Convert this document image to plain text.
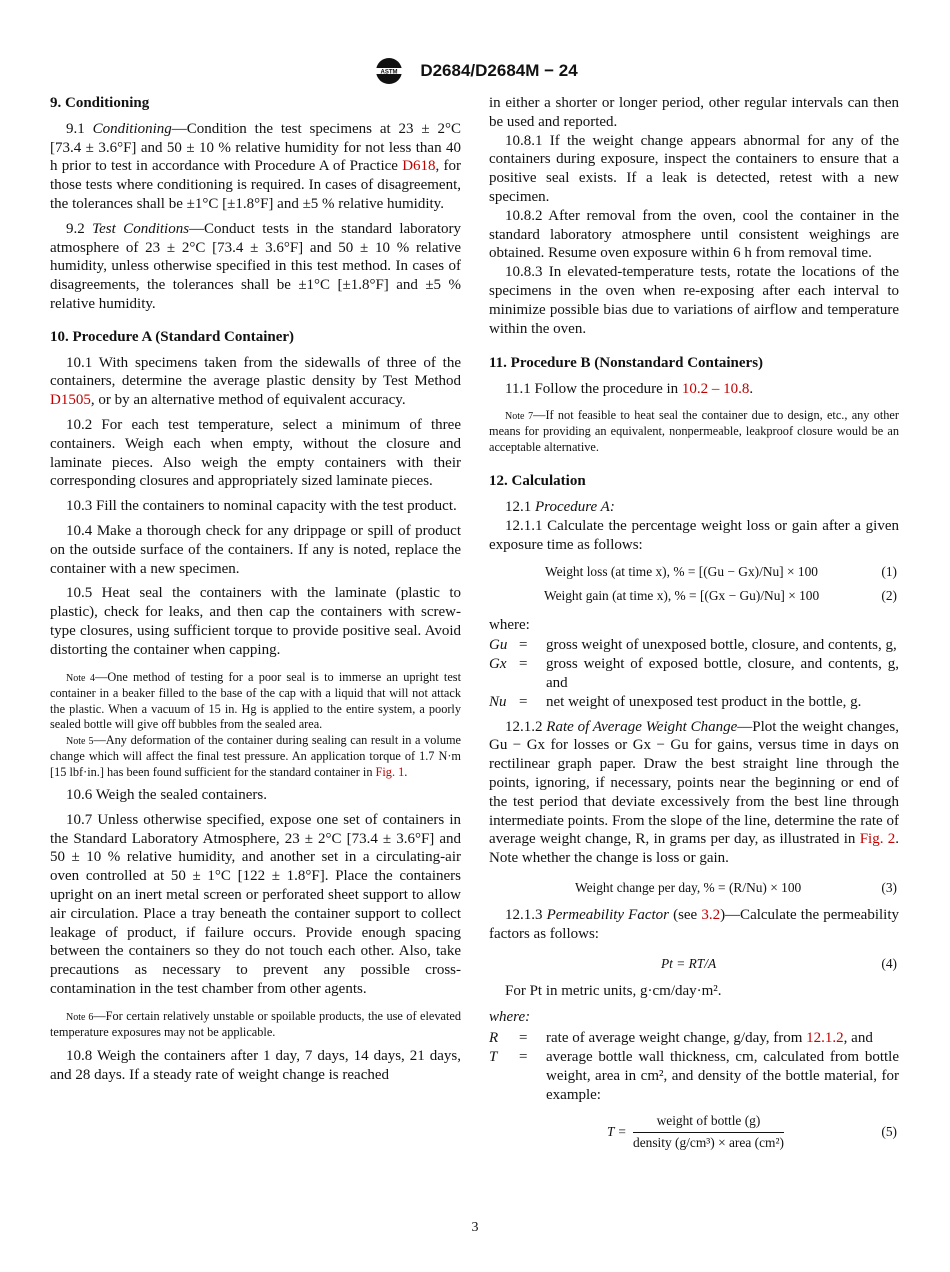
ASTM D2684/D2684M − 24
9. Conditioning

9.1 Conditioning—Condition the test specimens at 23 ± 2°C [73.4 ± 3.6°F] and 50 ± 10 % relative humidity for not less than 40 h prior to test in accordance with Procedure A of Practice D618, for those tests where conditioning is required. In cases of disagreement, the tolerances shall be ±1°C [±1.8°F] and ±5 % relative humidity.

9.2 Test Conditions—Conduct tests in the standard laboratory atmosphere of 23 ± 2°C [73.4 ± 3.6°F] and 50 ± 10 % relative humidity, unless otherwise specified in this test method. In cases of disagreements, the tolerances shall be ±1°C [±1.8°F] and ±5 % relative humidity.

10. Procedure A (Standard Container)

10.1 With specimens taken from the sidewalls of three of the containers, determine the average plastic density by Test Method D1505, or by an alternative method of equivalent accuracy.

10.2 For each test temperature, select a minimum of three containers. Weigh each when empty, without the closure and laminate pieces. Also weigh the empty containers with their corresponding closures and appropriately sized laminate pieces.

10.3 Fill the containers to nominal capacity with the test product.

10.4 Make a thorough check for any drippage or spill of product on the outside surface of the containers. If any is noted, replace the container with a new specimen.

10.5 Heat seal the containers with the laminate (plastic to plastic), check for leaks, and then cap the containers with screw-type closures, using sufficient torque to provide positive seal. Avoid distorting the container when capping.

Note 4—One method of testing for a poor seal is to immerse an upright test container in a beaker filled to the base of the cap with a liquid that will not attack the plastic. When a vacuum of 15 in. Hg is applied to the entire system, a poorly sealed bottle will give off bubbles from the sealed area.

Note 5—Any deformation of the container during sealing can result in a volume change which will affect the final test pressure. An application torque of 1.7 N·m [15 lbf·in.] has been found sufficient for the standard container in Fig. 1.

10.6 Weigh the sealed containers.

10.7 Unless otherwise specified, expose one set of containers in the Standard Laboratory Atmosphere, 23 ± 2°C [73.4 ± 3.6°F] and 50 ± 10 % relative humidity, and another set in a circulating-air oven controlled at 50 ± 1°C [122 ± 1.8°F]. Place the containers upright on an inert metal screen or perforated sheet support to allow air circulation. Place a tray beneath the container support to collect leakage of product, if failure occurs. Provide enough spacing between the containers so they do not touch each other. Also, take precautions as necessary to prevent any possible cross-contamination in the test chamber from other agents.

Note 6—For certain relatively unstable or spoilable products, the use of elevated temperature exposures may not be applicable.

10.8 Weigh the containers after 1 day, 7 days, 14 days, 21 days, and 28 days. If a steady rate of weight change is reached

in either a shorter or longer period, other regular intervals can then be used and reported.

10.8.1 If the weight change appears abnormal for any of the containers during exposure, inspect the containers to ensure that a positive seal exists. If a leak is detected, retest with a new specimen.

10.8.2 After removal from the oven, cool the container in the standard laboratory atmosphere until consistent weighings are obtained. Resume oven exposure within 6 h from removal time.

10.8.3 In elevated-temperature tests, rotate the locations of the specimens in the oven when re-exposing after each interval to minimize possible bias due to variations of airflow and temperature within the oven.

11. Procedure B (Nonstandard Containers)

11.1 Follow the procedure in 10.2 – 10.8.

Note 7—If not feasible to heat seal the container due to design, etc., any other means for providing an equivalent, nonpermeable, leakproof closure would be an acceptable alternative.

12. Calculation

12.1 Procedure A:

12.1.1 Calculate the percentage weight loss or gain after a given exposure time as follows:

Weight loss (at time x), % = [(Gu − Gx)/Nu] × 100	(1)
Weight gain (at time x), % = [(Gx − Gu)/Nu] × 100	(2)

where:

Gu	=	gross weight of unexposed bottle, closure, and contents, g,
Gx	=	gross weight of exposed bottle, closure, and contents, g, and
Nu	=	net weight of unexposed test product in the bottle, g.

12.1.2 Rate of Average Weight Change—Plot the weight changes, Gu − Gx for losses or Gx − Gu for gains, versus time in days on rectilinear graph paper. Draw the best straight line through the points, ignoring, if necessary, points near the beginning or end of the test period that deviate excessively from the best line through intermediate points. From the slope of the line, determine the rate of average weight change, R, in grams per day, as illustrated in Fig. 2. Note whether the change is loss or gain.

Weight change per day, % = (R/Nu) × 100	(3)

12.1.3 Permeability Factor (see 3.2)—Calculate the permeability factors as follows:

Pt = RT/A	(4)

For Pt in metric units, g·cm/day·m².

where:

R	=	rate of average weight change, g/day, from 12.1.2, and
T	=	average bottle wall thickness, cm, calculated from bottle weight, area in cm², and density of the bottle material, for example:
T =
weight of bottle (g)
density (g/cm³) × area (cm²)
(5)
3
